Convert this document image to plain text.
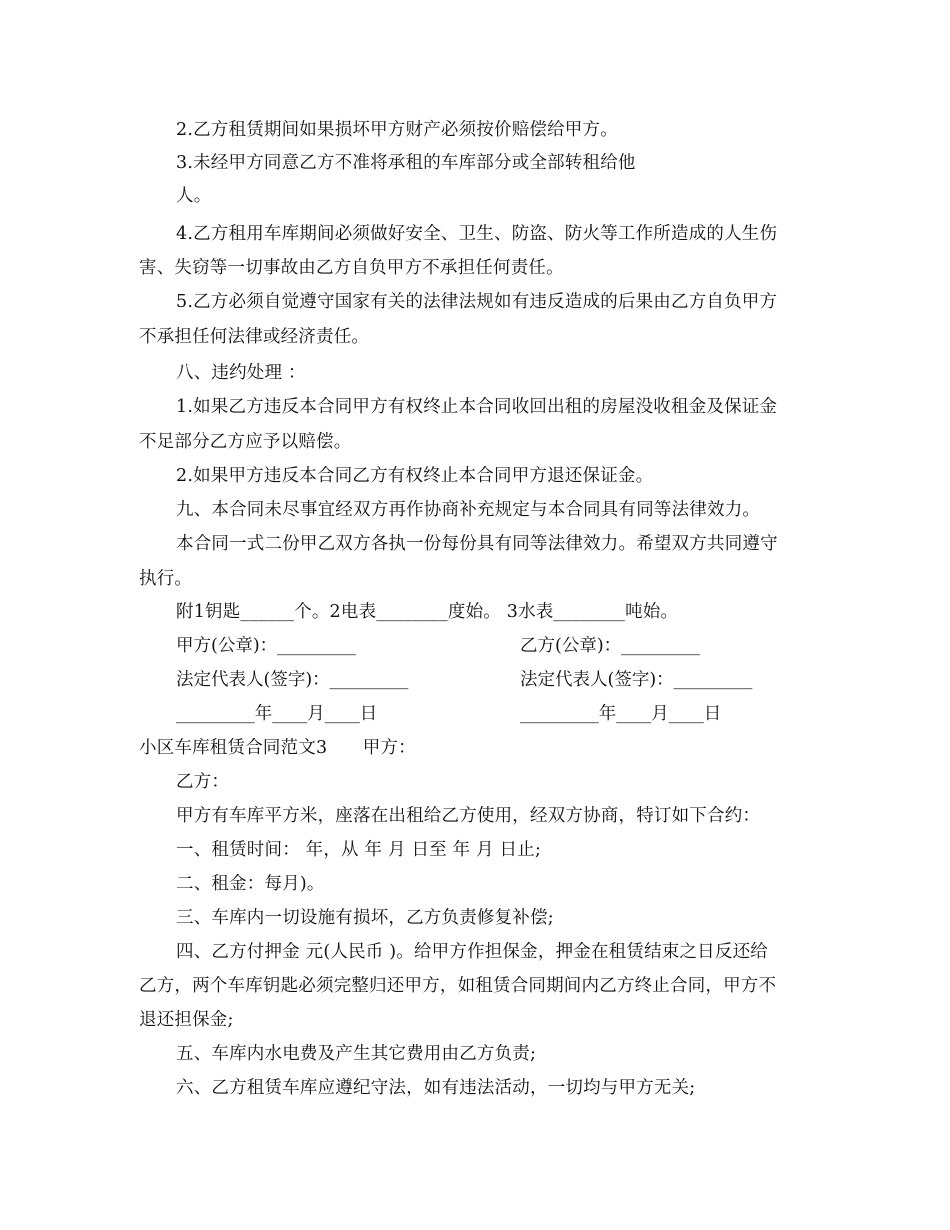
2.乙方租赁期间如果损坏甲方财产必须按价赔偿给甲方。
3.未经甲方同意乙方不准将承租的车库部分或全部转租给他
人。
4.乙方租用车库期间必须做好安全、卫生、防盗、防火等工作所造成的人生伤
害、失窃等一切事故由乙方自负甲方不承担任何责任。
5.乙方必须自觉遵守国家有关的法律法规如有违反造成的后果由乙方自负甲方
不承担任何法律或经济责任。
八、违约处理 ：
1.如果乙方违反本合同甲方有权终止本合同收回出租的房屋没收租金及保证金
不足部分乙方应予以赔偿。
2.如果甲方违反本合同乙方有权终止本合同甲方退还保证金。
九、本合同未尽事宜经双方再作协商补充规定与本合同具有同等法律效力。
本合同一式二份甲乙双方各执一份每份具有同等法律效力。希望双方共同遵守
执行。
附1钥匙______个。2电表________度始。 3水表________吨始。
甲方(公章)：_________	乙方(公章)：_________
法定代表人(签字)：_________	法定代表人(签字)：_________
_________年____月____日	_________年____月____日
小区车库租赁合同范文3　　甲方：
乙方：
甲方有车库平方米，座落在出租给乙方使用，经双方协商，特订如下合约：
一、租赁时间： 年，从 年 月 日至 年 月 日止;
二、租金：每月)。
三、车库内一切设施有损坏，乙方负责修复补偿;
四、乙方付押金 元(人民币 )。给甲方作担保金，押金在租赁结束之日反还给
乙方，两个车库钥匙必须完整归还甲方，如租赁合同期间内乙方终止合同，甲方不
退还担保金;
五、车库内水电费及产生其它费用由乙方负责;
六、乙方租赁车库应遵纪守法，如有违法活动，一切均与甲方无关;
